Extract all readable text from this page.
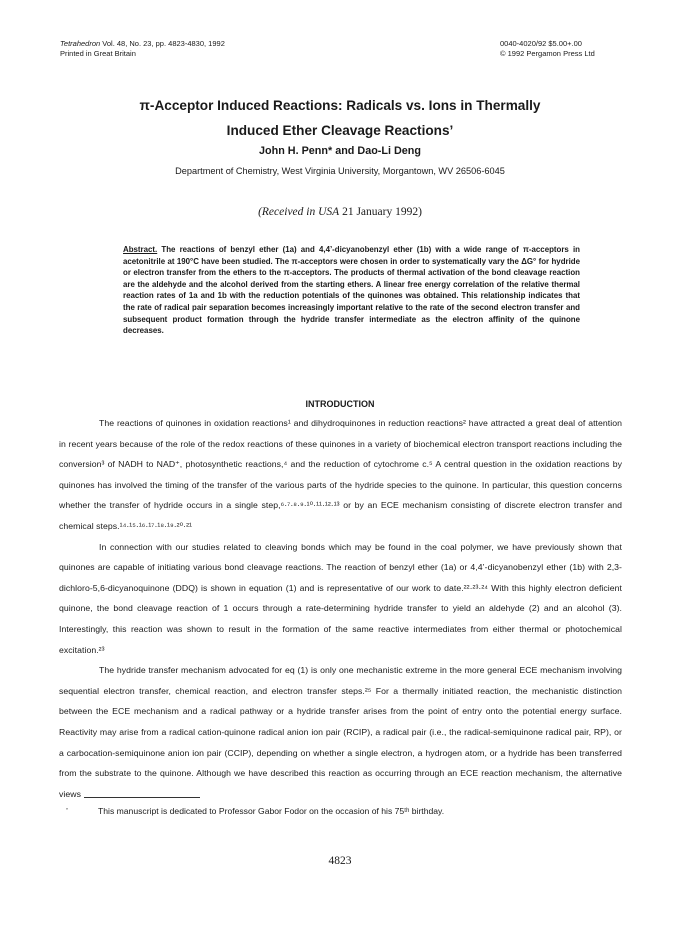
Tetrahedron Vol. 48, No. 23, pp. 4823-4830, 1992
Printed in Great Britain
0040-4020/92 $5.00+.00
© 1992 Pergamon Press Ltd
π-Acceptor Induced Reactions: Radicals vs. Ions in Thermally
Induced Ether Cleavage Reactions’
John H. Penn* and Dao-Li Deng
Department of Chemistry, West Virginia University, Morgantown, WV 26506-6045
(Received in USA 21 January 1992)
Abstract. The reactions of benzyl ether (1a) and 4,4’-dicyanobenzyl ether (1b) with a wide range of π-acceptors in acetonitrile at 190°C have been studied. The π-acceptors were chosen in order to systematically vary the ΔG° for hydride or electron transfer from the ethers to the π-acceptors. The products of thermal activation of the bond cleavage reaction are the aldehyde and the alcohol derived from the starting ethers. A linear free energy correlation of the relative thermal reaction rates of 1a and 1b with the reduction potentials of the quinones was obtained. This relationship indicates that the rate of radical pair separation becomes increasingly important relative to the rate of the second electron transfer and subsequent product formation through the hydride transfer intermediate as the electron affinity of the quinone decreases.
INTRODUCTION

The reactions of quinones in oxidation reactions¹ and dihydroquinones in reduction reactions² have attracted a great deal of attention in recent years because of the role of the redox reactions of these quinones in a variety of biochemical electron transport reactions including the conversion³ of NADH to NAD⁺, photosynthetic reactions,⁴ and the reduction of cytochrome c.⁵ A central question in the oxidation reactions by quinones has involved the timing of the transfer of the various parts of the hydride species to the quinone. In particular, this question concerns whether the transfer of hydride occurs in a single step,⁶·⁷·⁸·⁹·¹⁰·¹¹·¹²·¹³ or by an ECE mechanism consisting of discrete electron transfer and chemical steps.¹⁴·¹⁵·¹⁶·¹⁷·¹⁸·¹⁹·²⁰·²¹

In connection with our studies related to cleaving bonds which may be found in the coal polymer, we have previously shown that quinones are capable of initiating various bond cleavage reactions. The reaction of benzyl ether (1a) or 4,4’-dicyanobenzyl ether (1b) with 2,3-dichloro-5,6-dicyanoquinone (DDQ) is shown in equation (1) and is representative of our work to date.²²·²³·²⁴ With this highly electron deficient quinone, the bond cleavage reaction of 1 occurs through a rate-determining hydride transfer to yield an aldehyde (2) and an alcohol (3). Interestingly, this reaction was shown to result in the formation of the same reactive intermediates from either thermal or photochemical excitation.²³

The hydride transfer mechanism advocated for eq (1) is only one mechanistic extreme in the more general ECE mechanism involving sequential electron transfer, chemical reaction, and electron transfer steps.²⁵ For a thermally initiated reaction, the mechanistic distinction between the ECE mechanism and a radical pathway or a hydride transfer arises from the point of entry onto the potential energy surface. Reactivity may arise from a radical cation-quinone radical anion ion pair (RCIP), a radical pair (i.e., the radical-semiquinone radical pair, RP), or a carbocation-semiquinone anion ion pair (CCIP), depending on whether a single electron, a hydrogen atom, or a hydride has been transferred from the substrate to the quinone. Although we have described this reaction as occurring through an ECE reaction mechanism, the alternative views

’	This manuscript is dedicated to Professor Gabor Fodor on the occasion of his 75ᵗʰ birthday.
4823
